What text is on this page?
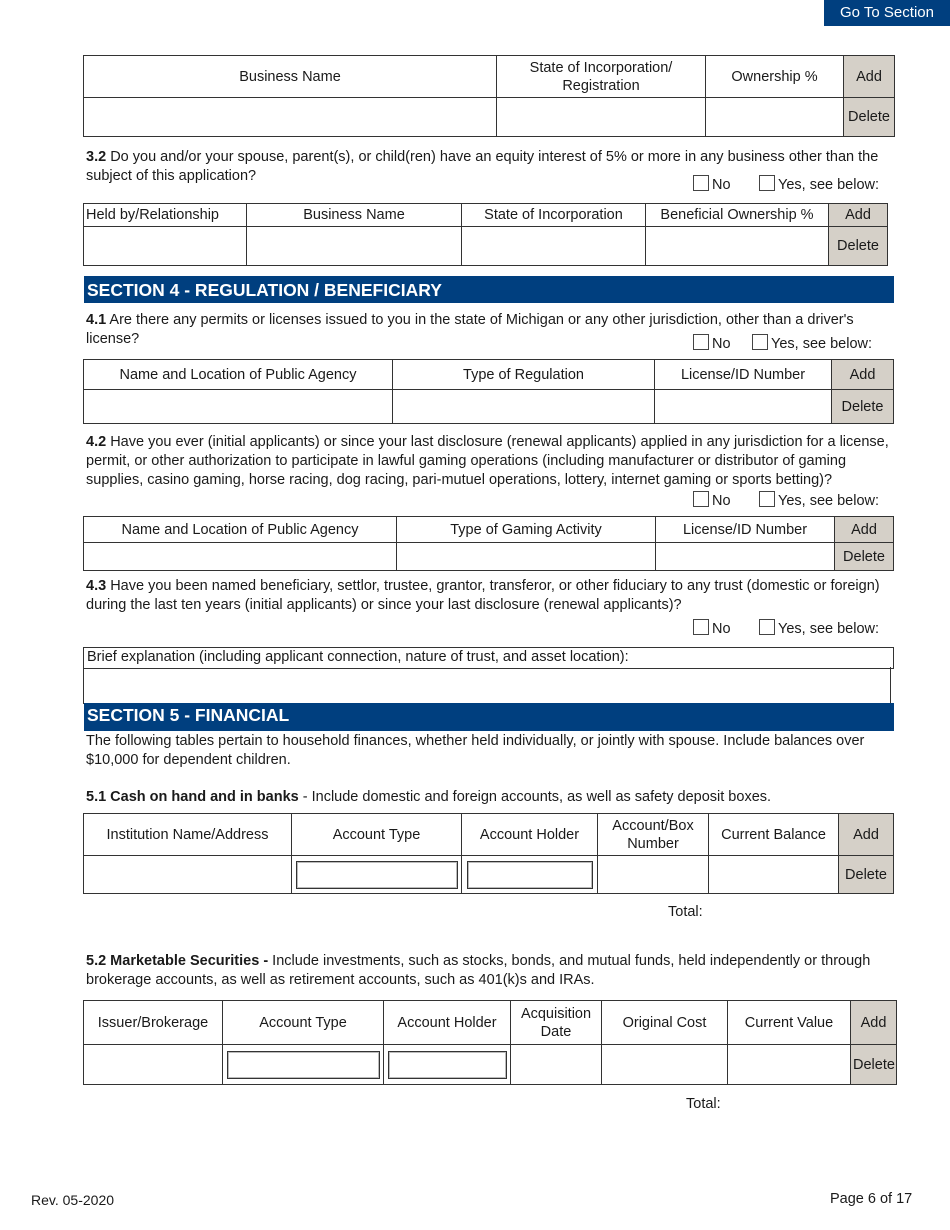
Go To Section
Business Name	State of Incorporation/ Registration	Ownership %	Add
			Delete
3.2 Do you and/or your spouse, parent(s), or child(ren) have an equity interest of 5% or more in any business other than the subject of this application?
No	Yes, see below:
Held by/Relationship	Business Name	State of Incorporation	Beneficial Ownership %	Add
				Delete
SECTION 4 - REGULATION / BENEFICIARY
4.1 Are there any permits or licenses issued to you in the state of Michigan or any other jurisdiction, other than a driver's license?	No	Yes, see below:
Name and Location of Public Agency	Type of Regulation	License/ID Number	Add
			Delete
4.2 Have you ever (initial applicants) or since your last disclosure (renewal applicants) applied in any jurisdiction for a license, permit, or other authorization to participate in lawful gaming operations (including manufacturer or distributor of gaming supplies, casino gaming, horse racing, dog racing, pari-mutuel operations, lottery, internet gaming or sports betting)?
No	Yes, see below:
Name and Location of Public Agency	Type of Gaming Activity	License/ID Number	Add
			Delete
4.3 Have you been named beneficiary, settlor, trustee, grantor, transferor, or other fiduciary to any trust (domestic or foreign) during the last ten years (initial applicants) or since your last disclosure (renewal applicants)?
No	Yes, see below:
Brief explanation (including applicant connection, nature of trust, and asset location):
SECTION 5 - FINANCIAL
The following tables pertain to household finances, whether held individually, or jointly with spouse. Include balances over $10,000 for dependent children.
5.1 Cash on hand and in banks - Include domestic and foreign accounts, as well as safety deposit boxes.
Institution Name/Address	Account Type	Account Holder	Account/Box Number	Current Balance	Add

			Delete
Total:
5.2 Marketable Securities - Include investments, such as stocks, bonds, and mutual funds, held independently or through brokerage accounts, as well as retirement accounts, such as 401(k)s and IRAs.
Issuer/Brokerage	Account Type	Account Holder	Acquisition Date	Original Cost	Current Value	Add

				Delete
Total:
Rev. 05-2020	Page 6 of 17
